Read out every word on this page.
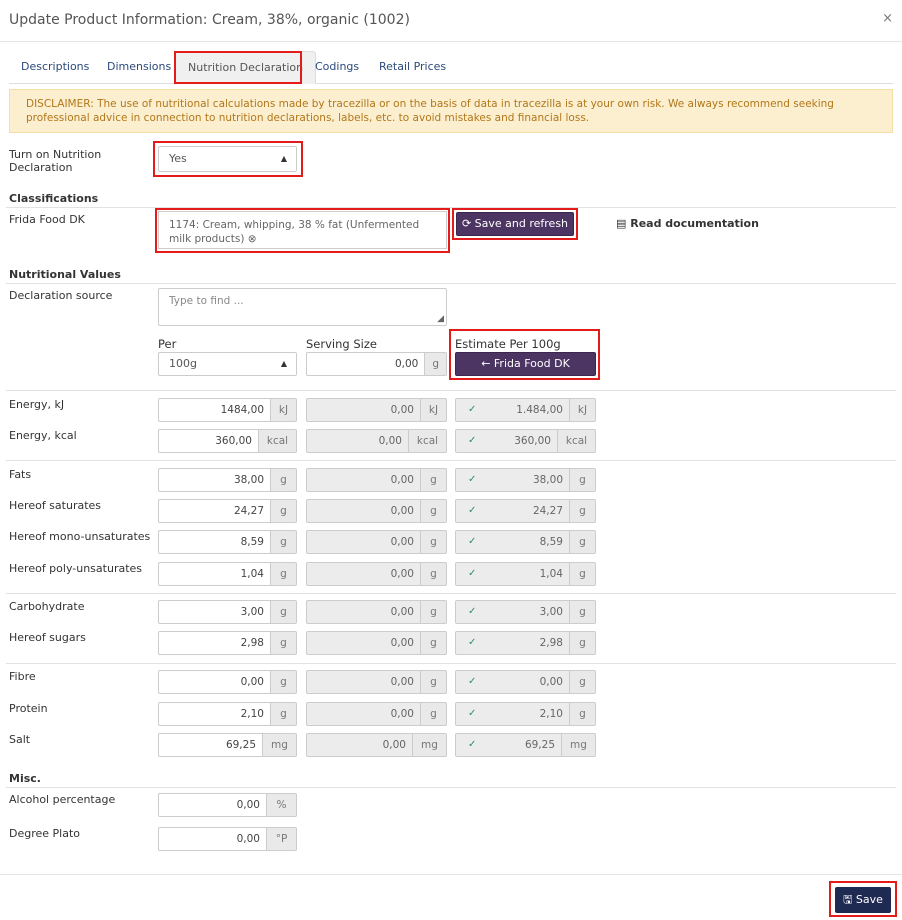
Update Product Information: Cream, 38%, organic (1002)	×
Descriptions	Dimensions	Nutrition Declaration	Codings	Retail Prices
DISCLAIMER: The use of nutritional calculations made by tracezilla or on the basis of data in tracezilla is at your own risk. We always recommend seeking professional advice in connection to nutrition declarations, labels, etc. to avoid mistakes and financial loss.
Turn on Nutrition Declaration
Yes	▲

Classifications
Frida Food DK	1174: Cream, whipping, 38 % fat (Unfermented milk products) ⊗
⟳ Save and refresh	▤ Read documentation
Nutritional Values
Declaration source	Type to find ...
◢
Per
100g	▲

Serving Size
0,00	g
Estimate Per 100g
← Frida Food DK
Energy, kJ	1484,00	kJ	0,00	kJ	✓	1.484,00	kJ
Energy, kcal	360,00	kcal	0,00	kcal	✓	360,00	kcal
Fats	38,00	g	0,00	g	✓	38,00	g
Hereof saturates	24,27	g	0,00	g	✓	24,27	g
Hereof mono-unsaturates	8,59	g	0,00	g	✓	8,59	g
Hereof poly-unsaturates	1,04	g	0,00	g	✓	1,04	g
Carbohydrate	3,00	g	0,00	g	✓	3,00	g
Hereof sugars	2,98	g	0,00	g	✓	2,98	g
Fibre	0,00	g	0,00	g	✓	0,00	g
Protein	2,10	g	0,00	g	✓	2,10	g
Salt	69,25	mg	0,00	mg	✓	69,25	mg
Misc.
Alcohol percentage	0,00	%
Degree Plato	0,00	°P
🖫 Save
